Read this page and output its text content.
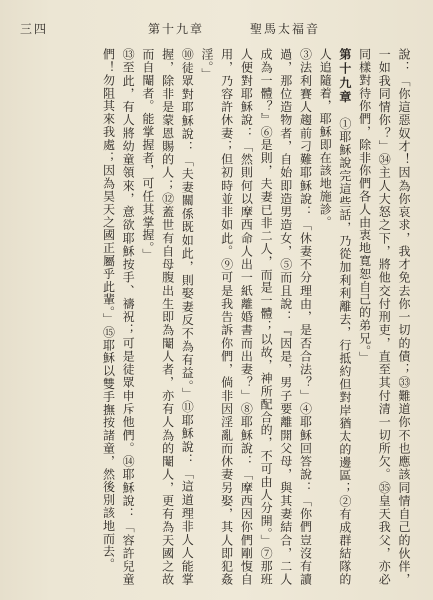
三四	第十九章	聖馬太福音

說：「你這惡奴才！因為你哀求，我才免去你一切的債；㉝難道你不也應該同情自己的伙伴，一如我同情你？」㉞主人大怒之下，將他交付刑吏，直至其付清一切所欠。㉟皇天我父，亦必同樣對待你們，除非你們各人由衷地寬恕自己的弟兄。」

第十九章　①耶穌說完這些話，乃從加利利離去，行抵約但對岸猶太的邊區；②有成群結隊的人追隨着，耶穌即在該地施診。

③法利賽人趨前刁難耶穌說：「休妻不分理由，是否合法？」④耶穌回答說：「你們豈沒有讀過，那位造物者，自始即造男造女，⑤而且說：『因是，男子要離開父母，與其妻結合，二人成為一體？』⑥是則，夫妻已非二人，而是一體；以故，神所配合的，不可由人分開。」⑦那班人便對耶穌說：「然則何以摩西命人出一紙離婚書而出妻？」⑧耶穌說：「摩西因你們剛愎自用，乃容許休妻；但初時並非如此。⑨可是我告訴你們，倘非因淫亂而休妻另娶，其人即犯姦淫。」

⑩徒眾對耶穌說：「夫妻關係既如此，則娶妻反不為有益。」⑪耶穌說：「這道理非人人能掌握，除非是蒙恩賜的人；⑫蓋世有自母腹出生即為閹人者，亦有人為的閹人，更有為天國之故而自閹者。能掌握者，可任其掌握。」

⑬至此，有人將幼童領來，意欲耶穌按手、禱祝；可是徒眾申斥他們。⑭耶穌說：「容許兒童們！勿阻其來我處；因為昊天之國正屬乎此輩。」⑮耶穌以雙手撫按諸童，然後別該地而去。
